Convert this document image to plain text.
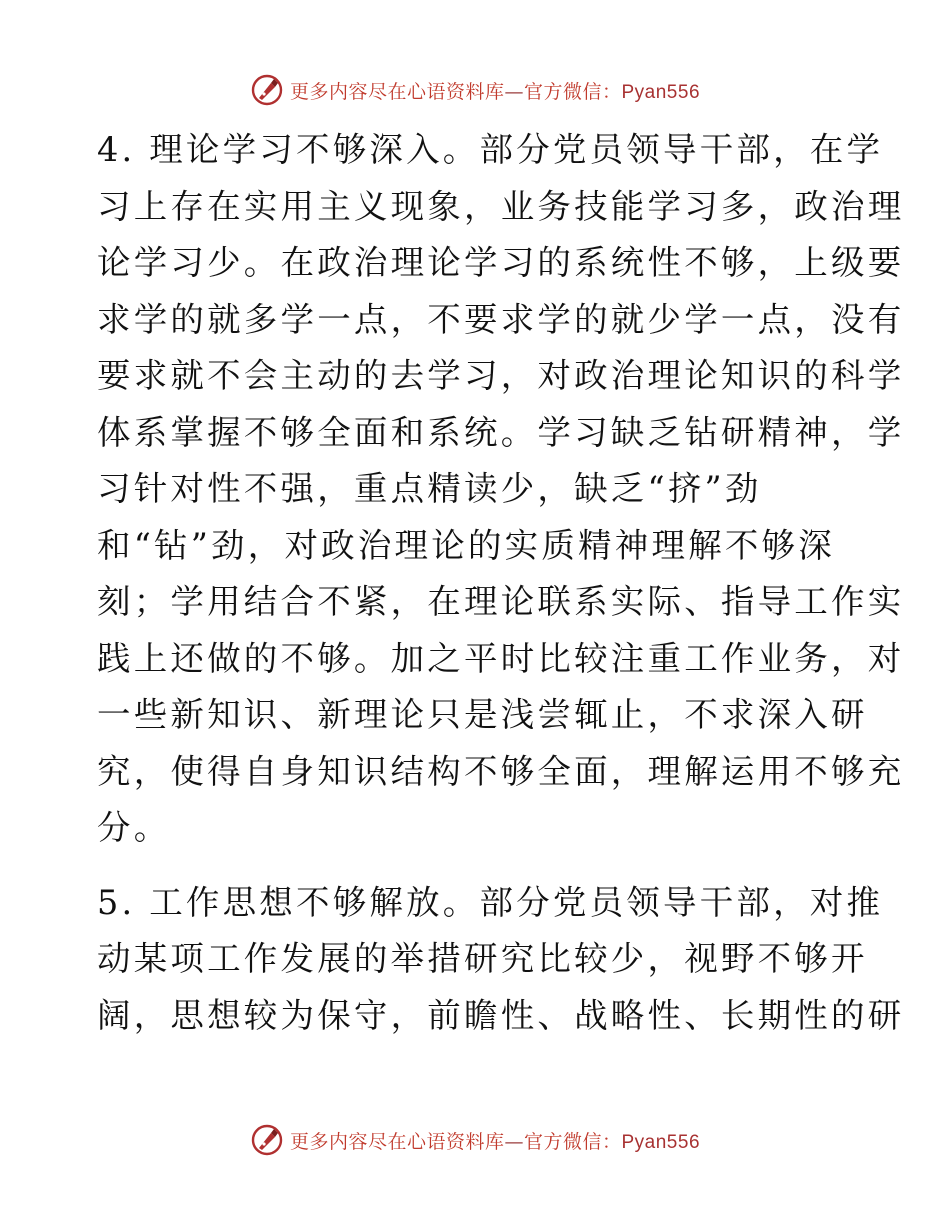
更多内容尽在心语资料库—官方微信：Pyan556

4. 理论学习不够深入。部分党员领导干部，在学
习上存在实用主义现象，业务技能学习多，政治理
论学习少。在政治理论学习的系统性不够，上级要
求学的就多学一点，不要求学的就少学一点，没有
要求就不会主动的去学习，对政治理论知识的科学
体系掌握不够全面和系统。学习缺乏钻研精神，学
习针对性不强，重点精读少，缺乏“挤”劲
和“钻”劲，对政治理论的实质精神理解不够深
刻；学用结合不紧，在理论联系实际、指导工作实
践上还做的不够。加之平时比较注重工作业务，对
一些新知识、新理论只是浅尝辄止，不求深入研
究，使得自身知识结构不够全面，理解运用不够充
分。

5. 工作思想不够解放。部分党员领导干部，对推
动某项工作发展的举措研究比较少，视野不够开
阔，思想较为保守，前瞻性、战略性、长期性的研

更多内容尽在心语资料库—官方微信：Pyan556
